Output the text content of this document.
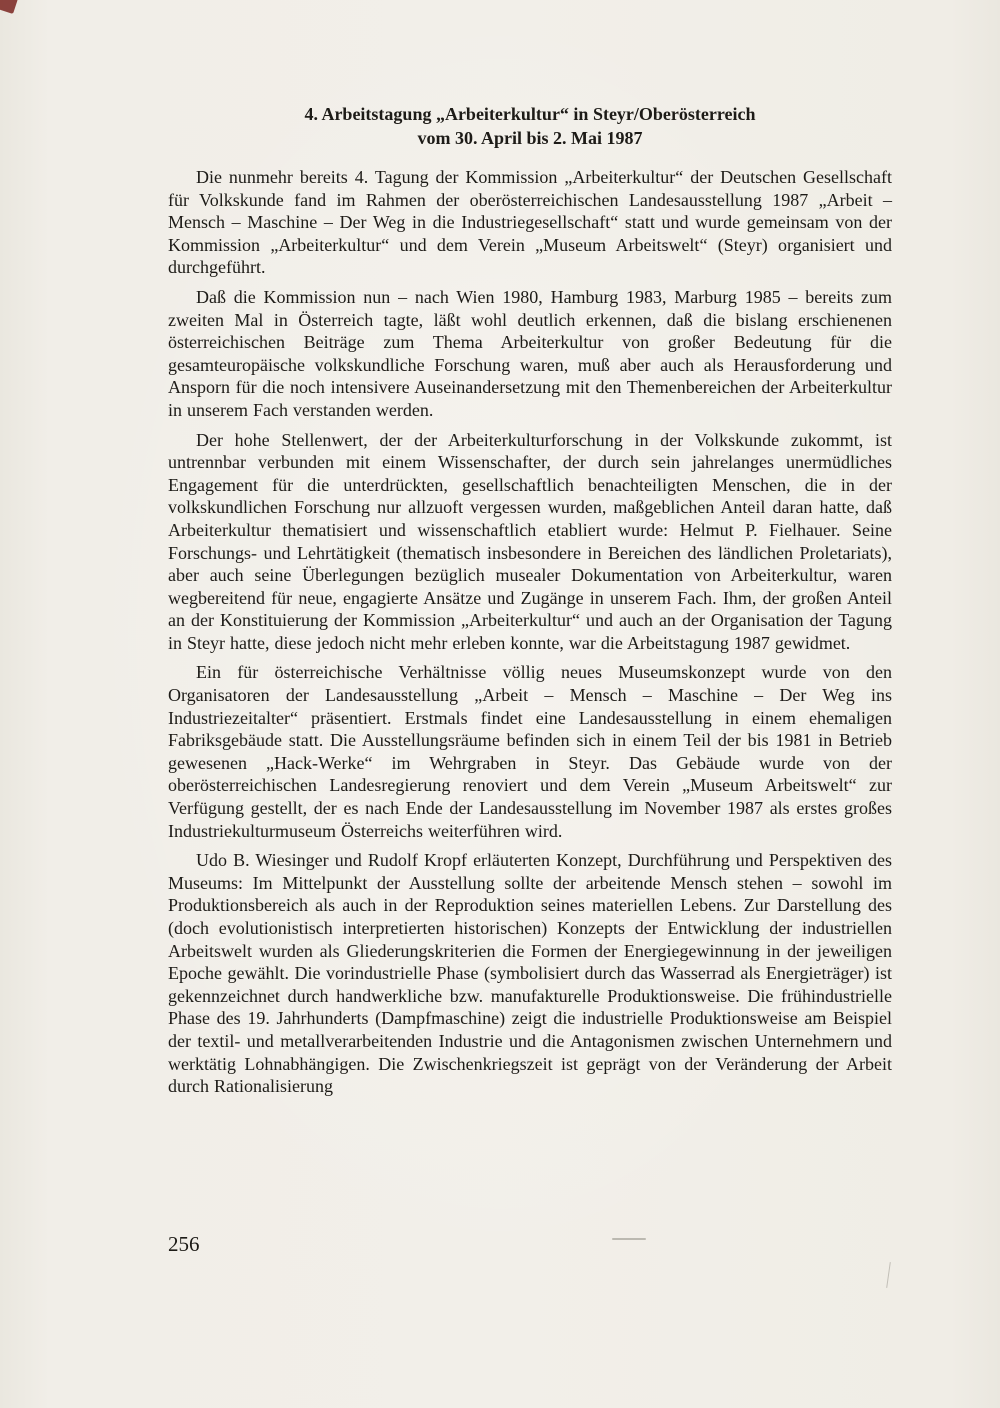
4. Arbeitstagung „Arbeiterkultur“ in Steyr/Oberösterreich
vom 30. April bis 2. Mai 1987

Die nunmehr bereits 4. Tagung der Kommission „Arbeiterkultur“ der Deutschen Gesellschaft für Volkskunde fand im Rahmen der oberösterreichischen Landesausstellung 1987 „Arbeit – Mensch – Maschine – Der Weg in die Industriegesellschaft“ statt und wurde gemeinsam von der Kommission „Arbeiterkultur“ und dem Verein „Museum Arbeitswelt“ (Steyr) organisiert und durchgeführt.

Daß die Kommission nun – nach Wien 1980, Hamburg 1983, Marburg 1985 – bereits zum zweiten Mal in Österreich tagte, läßt wohl deutlich erkennen, daß die bislang erschienenen österreichischen Beiträge zum Thema Arbeiterkultur von großer Bedeutung für die gesamteuropäische volkskundliche Forschung waren, muß aber auch als Herausforderung und Ansporn für die noch intensivere Auseinandersetzung mit den Themenbereichen der Arbeiterkultur in unserem Fach verstanden werden.

Der hohe Stellenwert, der der Arbeiterkulturforschung in der Volkskunde zukommt, ist untrennbar verbunden mit einem Wissenschafter, der durch sein jahrelanges unermüdliches Engagement für die unterdrückten, gesellschaftlich benachteiligten Menschen, die in der volkskundlichen Forschung nur allzuoft vergessen wurden, maßgeblichen Anteil daran hatte, daß Arbeiterkultur thematisiert und wissenschaftlich etabliert wurde: Helmut P. Fielhauer. Seine Forschungs- und Lehrtätigkeit (thematisch insbesondere in Bereichen des ländlichen Proletariats), aber auch seine Überlegungen bezüglich musealer Dokumentation von Arbeiterkultur, waren wegbereitend für neue, engagierte Ansätze und Zugänge in unserem Fach. Ihm, der großen Anteil an der Konstituierung der Kommission „Arbeiterkultur“ und auch an der Organisation der Tagung in Steyr hatte, diese jedoch nicht mehr erleben konnte, war die Arbeitstagung 1987 gewidmet.

Ein für österreichische Verhältnisse völlig neues Museumskonzept wurde von den Organisatoren der Landesausstellung „Arbeit – Mensch – Maschine – Der Weg ins Industriezeitalter“ präsentiert. Erstmals findet eine Landesausstellung in einem ehemaligen Fabriksgebäude statt. Die Ausstellungsräume befinden sich in einem Teil der bis 1981 in Betrieb gewesenen „Hack-Werke“ im Wehrgraben in Steyr. Das Gebäude wurde von der oberösterreichischen Landesregierung renoviert und dem Verein „Museum Arbeitswelt“ zur Verfügung gestellt, der es nach Ende der Landesausstellung im November 1987 als erstes großes Industriekulturmuseum Österreichs weiterführen wird.

Udo B. Wiesinger und Rudolf Kropf erläuterten Konzept, Durchführung und Perspektiven des Museums: Im Mittelpunkt der Ausstellung sollte der arbeitende Mensch stehen – sowohl im Produktionsbereich als auch in der Reproduktion seines materiellen Lebens. Zur Darstellung des (doch evolutionistisch interpretierten historischen) Konzepts der Entwicklung der industriellen Arbeitswelt wurden als Gliederungskriterien die Formen der Energiegewinnung in der jeweiligen Epoche gewählt. Die vorindustrielle Phase (symbolisiert durch das Wasserrad als Energieträger) ist gekennzeichnet durch handwerkliche bzw. manufakturelle Produktionsweise. Die frühindustrielle Phase des 19. Jahrhunderts (Dampfmaschine) zeigt die industrielle Produktionsweise am Beispiel der textil- und metallverarbeitenden Industrie und die Antagonismen zwischen Unternehmern und werktätig Lohnabhängigen. Die Zwischenkriegszeit ist geprägt von der Veränderung der Arbeit durch Rationalisierung

256
